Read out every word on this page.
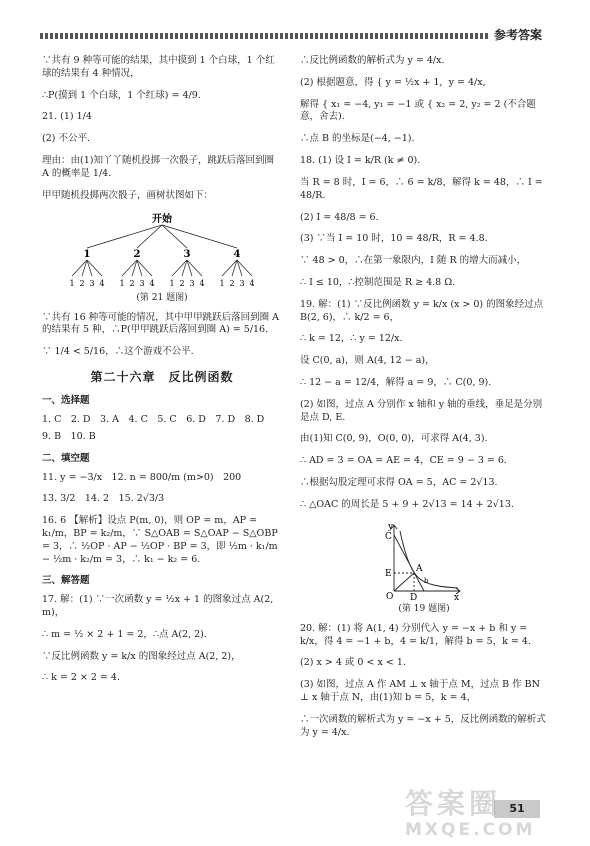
参考答案

∵共有 9 种等可能的结果，其中摸到 1 个白球，1 个红球的结果有 4 种情况，

∴P(摸到 1 个白球，1 个红球) = 4/9.

21. (1) 1/4

(2) 不公平.

理由：由(1)知丫丫随机投掷一次骰子，跳跃后落回到圈 A 的概率是 1/4.

甲甲随机投掷两次骰子，画树状图如下：

开始
1	2	3	4
1 2 3 4 1 2 3 4 1 2 3 4 1 2 3 4
(第 21 题图)

∵共有 16 种等可能的情况，其中甲甲跳跃后落回到圈 A 的结果有 5 种，∴P(甲甲跳跃后落回到圈 A) = 5/16.

∵ 1/4 < 5/16，∴这个游戏不公平.

第二十六章　反比例函数
一、选择题

1. C　2. D　3. A　4. C　5. C　6. D　7. D　8. D

9. B　10. B

二、填空题

11. y = −3/x　12. n = 800/m (m>0)　200

13. 3/2　14. 2　15. 2√3/3

16. 6 【解析】设点 P(m, 0)，则 OP = m，AP = k₁/m，BP = k₂/m，∵ S△OAB = S△OAP − S△OBP = 3，∴ ½OP · AP − ½OP · BP = 3，即 ½m · k₁/m − ½m · k₂/m = 3，∴ k₁ − k₂ = 6.

三、解答题

17. 解：(1) ∵一次函数 y = ½x + 1 的图象过点 A(2, m)，

∴ m = ½ × 2 + 1 = 2，∴点 A(2, 2).

∵反比例函数 y = k/x 的图象经过点 A(2, 2)，

∴ k = 2 × 2 = 4.

∴反比例函数的解析式为 y = 4/x.

(2) 根据题意，得 { y = ½x + 1,  y = 4/x,

解得 { x₁ = −4, y₁ = −1 或 { x₂ = 2, y₂ = 2 (不合题意，舍去).

∴点 B 的坐标是(−4, −1).

18. (1) 设 I = k/R (k ≠ 0).

当 R = 8 时，I = 6，∴ 6 = k/8，解得 k = 48，∴ I = 48/R.

(2) I = 48/8 = 6.

(3) ∵当 I = 10 时，10 = 48/R，R = 4.8.

∵ 48 > 0，∴在第一象限内，I 随 R 的增大而减小，

∴ I ≤ 10，∴控制范围是 R ≥ 4.8 Ω.

19. 解：(1) ∵反比例函数 y = k/x (x > 0) 的图象经过点 B(2, 6)，∴ k/2 = 6，

∴ k = 12，∴ y = 12/x.

设 C(0, a)，则 A(4, 12 − a)，

∴ 12 − a = 12/4，解得 a = 9，∴ C(0, 9).

(2) 如图，过点 A 分别作 x 轴和 y 轴的垂线，垂足是分别是点 D, E.

由(1)知 C(0, 9)，O(0, 0)，可求得 A(4, 3).

∴ AD = 3 = OA = AE = 4，CE = 9 − 3 = 6.

∴根据勾股定理可求得 OA = 5，AC = 2√13.

∴ △OAC 的周长是 5 + 9 + 2√13 = 14 + 2√13.

y
x
O
C
E	A
D
b
(第 19 题图)

20. 解：(1) 将 A(1, 4) 分别代入 y = −x + b 和 y = k/x，得 4 = −1 + b，4 = k/1，解得 b = 5，k = 4.

(2) x > 4 或 0 < x < 1.

(3) 如图，过点 A 作 AM ⊥ x 轴于点 M，过点 B 作 BN ⊥ x 轴于点 N，由(1)知 b = 5，k = 4，

∴一次函数的解析式为 y = −x + 5，反比例函数的解析式为 y = 4/x.

51
答案圈
MXQE.COM
